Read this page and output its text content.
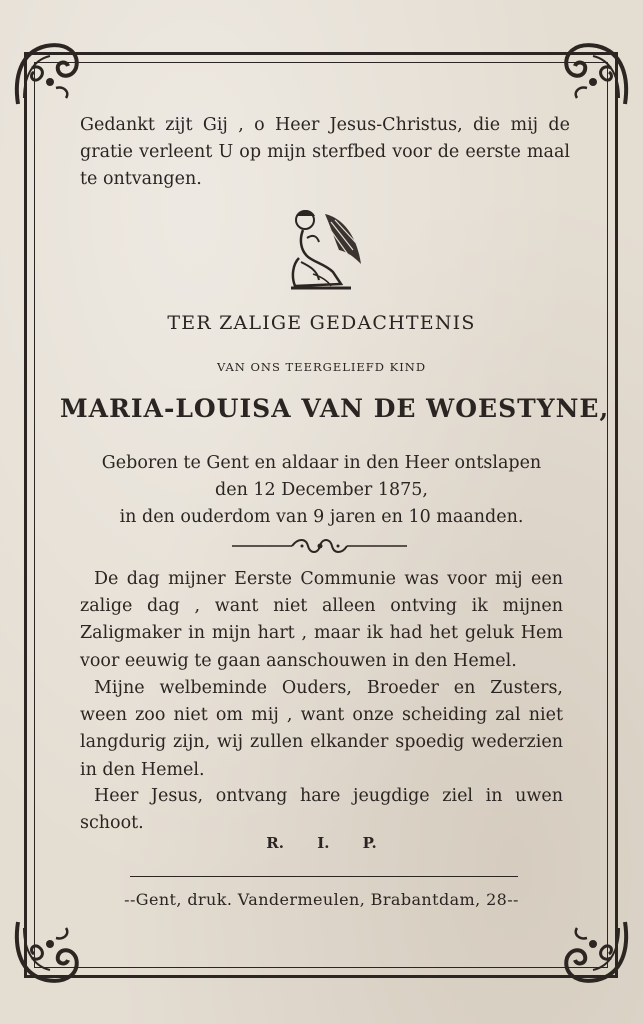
Gedankt zijt Gij , o Heer Jesus-Christus, die mij de gratie verleent U op mijn sterfbed voor de eerste maal te ontvangen.

TER ZALIGE GEDACHTENIS

VAN ONS TEERGELIEFD KIND

MARIA-LOUISA VAN DE WOESTYNE,

Geboren te Gent en aldaar in den Heer ontslapen
den 12 December 1875,
in den ouderdom van 9 jaren en 10 maanden.

De dag mijner Eerste Communie was voor mij een zalige dag , want niet alleen ontving ik mijnen Zaligmaker in mijn hart , maar ik had het geluk Hem voor eeuwig te gaan aanschouwen in den Hemel.

Mijne welbeminde Ouders, Broeder en Zusters, ween zoo niet om mij , want onze scheiding zal niet langdurig zijn, wij zullen elkander spoedig wederzien in den Hemel.

Heer Jesus, ontvang hare jeugdige ziel in uwen schoot.

R. I. P.

--Gent, druk. Vandermeulen, Brabantdam, 28--
